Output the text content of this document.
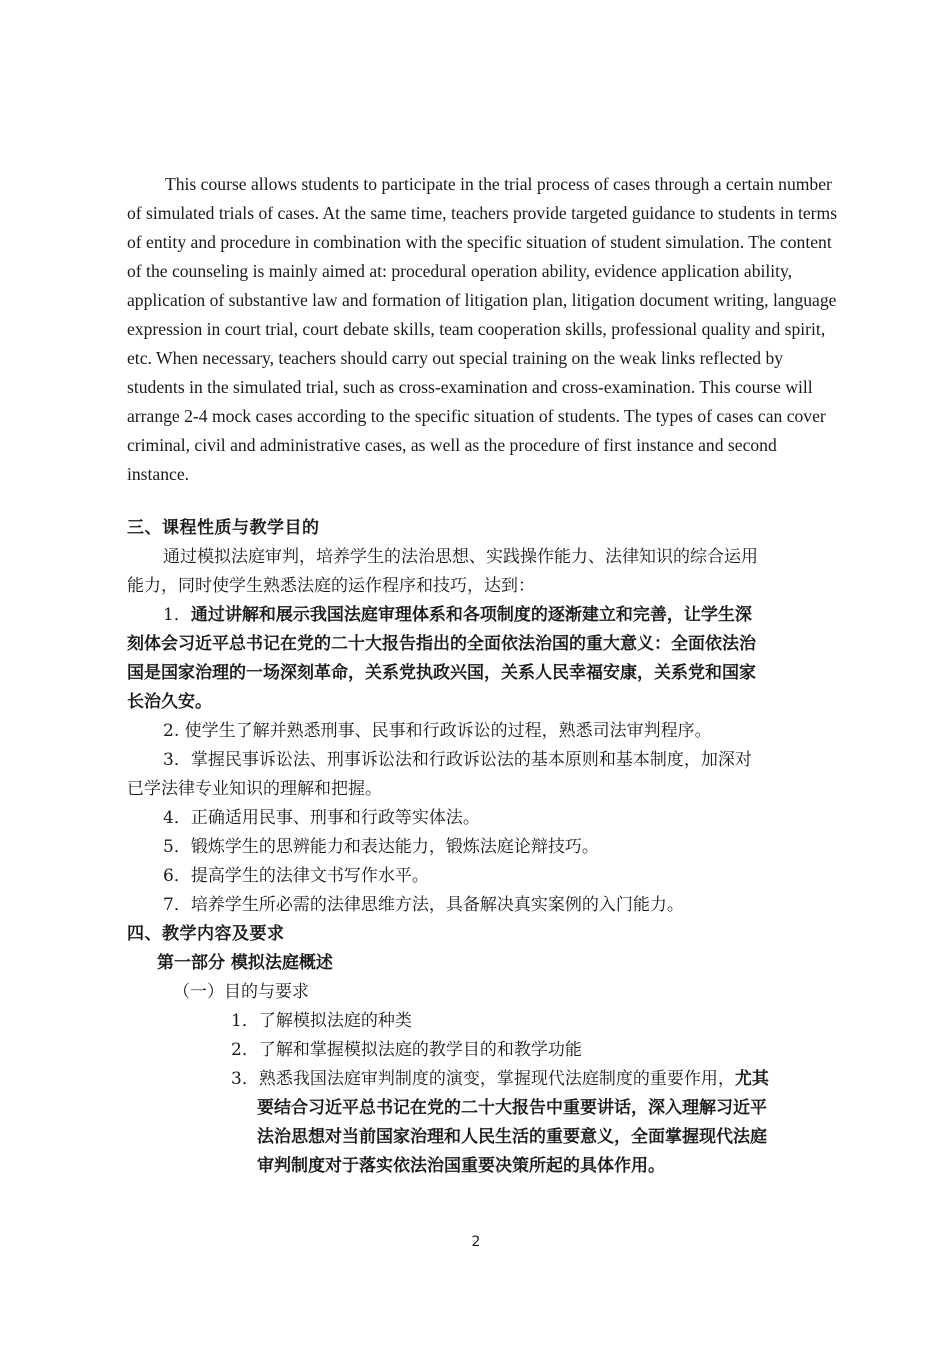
This course allows students to participate in the trial process of cases through a certain number of simulated trials of cases. At the same time, teachers provide targeted guidance to students in terms of entity and procedure in combination with the specific situation of student simulation. The content of the counseling is mainly aimed at: procedural operation ability, evidence application ability, application of substantive law and formation of litigation plan, litigation document writing, language expression in court trial, court debate skills, team cooperation skills, professional quality and spirit, etc. When necessary, teachers should carry out special training on the weak links reflected by students in the simulated trial, such as cross-examination and cross-examination. This course will arrange 2-4 mock cases according to the specific situation of students. The types of cases can cover criminal, civil and administrative cases, as well as the procedure of first instance and second instance.

三、课程性质与教学目的
通过模拟法庭审判，培养学生的法治思想、实践操作能力、法律知识的综合运用
能力，同时使学生熟悉法庭的运作程序和技巧，达到：
1．通过讲解和展示我国法庭审理体系和各项制度的逐渐建立和完善，让学生深
刻体会习近平总书记在党的二十大报告指出的全面依法治国的重大意义：全面依法治
国是国家治理的一场深刻革命，关系党执政兴国，关系人民幸福安康，关系党和国家
长治久安。
2. 使学生了解并熟悉刑事、民事和行政诉讼的过程，熟悉司法审判程序。
3．掌握民事诉讼法、刑事诉讼法和行政诉讼法的基本原则和基本制度，加深对
已学法律专业知识的理解和把握。
4．正确适用民事、刑事和行政等实体法。
5．锻炼学生的思辨能力和表达能力，锻炼法庭论辩技巧。
6．提高学生的法律文书写作水平。
7．培养学生所必需的法律思维方法，具备解决真实案例的入门能力。
四、教学内容及要求
第一部分 模拟法庭概述
（一）目的与要求
1．了解模拟法庭的种类
2．了解和掌握模拟法庭的教学目的和教学功能
3．熟悉我国法庭审判制度的演变，掌握现代法庭制度的重要作用，尤其
要结合习近平总书记在党的二十大报告中重要讲话，深入理解习近平
法治思想对当前国家治理和人民生活的重要意义，全面掌握现代法庭
审判制度对于落实依法治国重要决策所起的具体作用。
2
